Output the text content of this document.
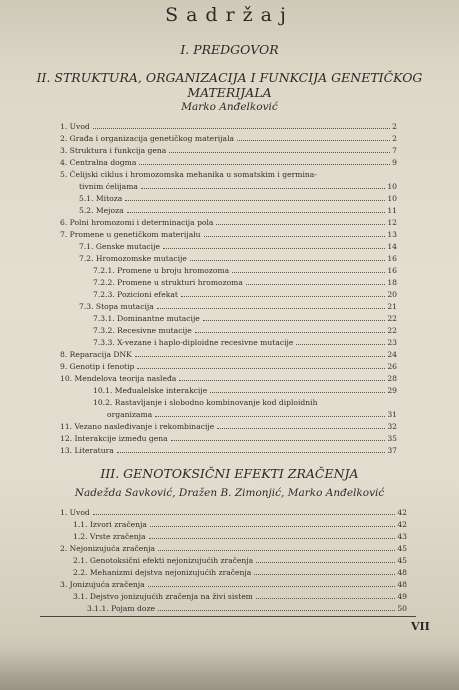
Sadržaj
I. PREDGOVOR
II. STRUKTURA, ORGANIZACIJA I FUNKCIJA GENETIČKOG
MATERIJALA
Marko Anđelković
1. Uvod	2
2. Građa i organizacija genetičkog materijala	2
3. Struktura i funkcija gena	7
4. Centralna dogma	9
5. Ćelijski ciklus i hromozomska mehanika u somatskim i germina-
tivnim ćelijama	10
5.1. Mitoza	10
5.2. Mejoza	11
6. Polni hromozomi i determinacija pola	12
7. Promene u genetičkom materijalu	13
7.1. Genske mutacije	14
7.2. Hromozomske mutacije	16
7.2.1. Promene u broju hromozoma	16
7.2.2. Promene u strukturi hromozoma	18
7.2.3. Pozicioni efekat	20
7.3. Stopa mutacija	21
7.3.1. Dominantne mutacije	22
7.3.2. Recesivne mutacije	22
7.3.3. X-vezane i haplo-diploidne recesivne mutacije	23
8. Reparacija DNK	24
9. Genotip i fenotip	26
10. Mendelova teorija nasleđa	28
10.1. Međualelske interakcije	29
10.2. Rastavljanje i slobodno kombinovanje kod diploidnih
organizama	31
11. Vezano nasleđivanje i rekombinacije	32
12. Interakcije između gena	35
13. Literatura	37
III. GENOTOKSIČNI EFEKTI ZRAČENJA
Nadežda Savković, Dražen B. Zimonjić, Marko Anđelković
1. Uvod	42
1.1. Izvori zračenja	42
1.2. Vrste zračenja	43
2. Nejonizujuća zračenja	45
2.1. Genotoksični efekti nejonizujućih zračenja	45
2.2. Mehanizmi dejstva nejonizujućih zračenja	48
3. Jonizujuća zračenja	48
3.1. Dejstvo jonizujućih zračenja na živi sistem	49
3.1.1. Pojam doze	50
VII
